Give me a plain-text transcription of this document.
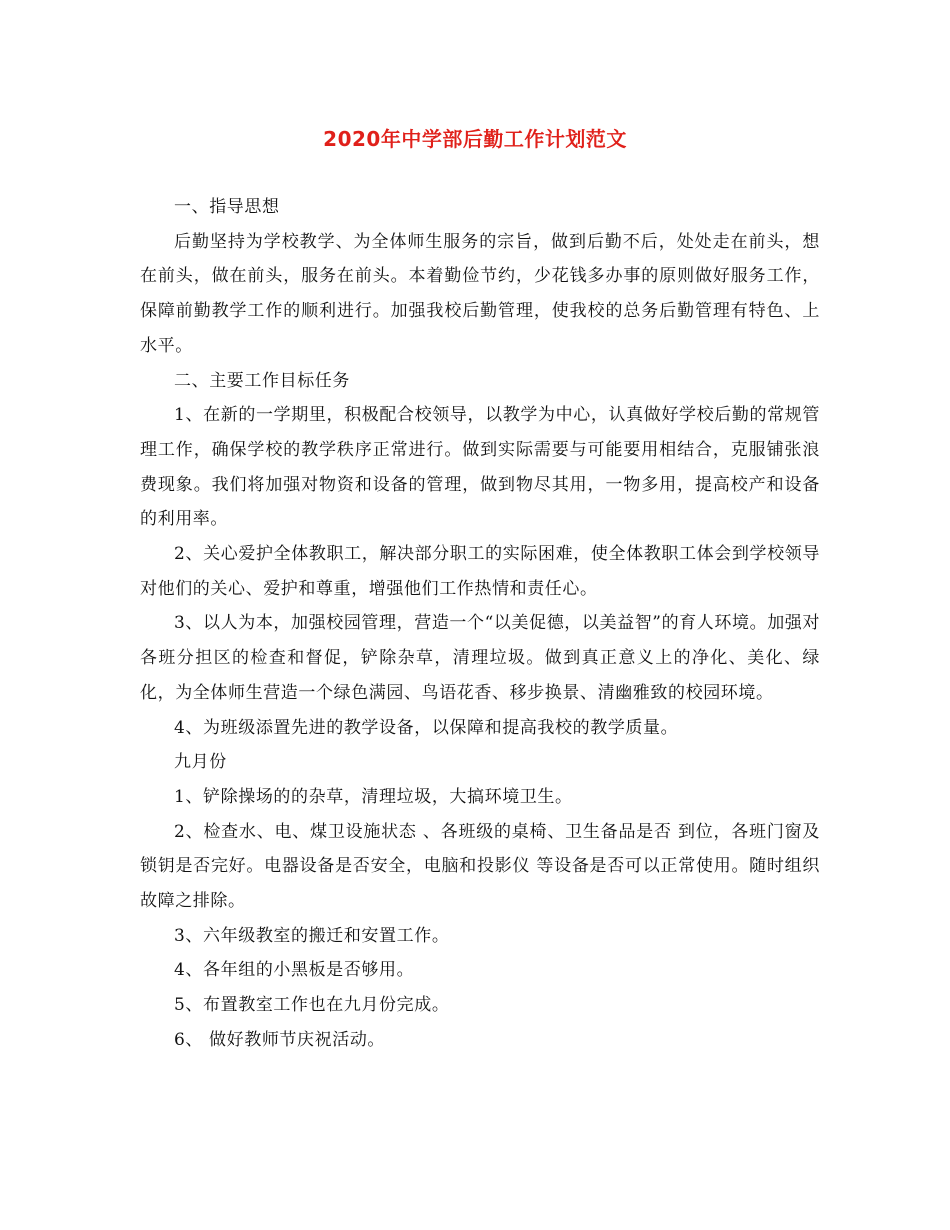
2020年中学部后勤工作计划范文

一、指导思想

后勤坚持为学校教学、为全体师生服务的宗旨，做到后勤不后，处处走在前头，想在前头，做在前头，服务在前头。本着勤俭节约，少花钱多办事的原则做好服务工作，保障前勤教学工作的顺利进行。加强我校后勤管理，使我校的总务后勤管理有特色、上水平。

二、主要工作目标任务

1、在新的一学期里，积极配合校领导，以教学为中心，认真做好学校后勤的常规管理工作，确保学校的教学秩序正常进行。做到实际需要与可能要用相结合，克服铺张浪费现象。我们将加强对物资和设备的管理，做到物尽其用，一物多用，提高校产和设备的利用率。

2、关心爱护全体教职工，解决部分职工的实际困难，使全体教职工体会到学校领导对他们的关心、爱护和尊重，增强他们工作热情和责任心。

3、以人为本，加强校园管理，营造一个“以美促德，以美益智”的育人环境。加强对各班分担区的检查和督促，铲除杂草，清理垃圾。做到真正意义上的净化、美化、绿化，为全体师生营造一个绿色满园、鸟语花香、移步换景、清幽雅致的校园环境。

4、为班级添置先进的教学设备，以保障和提高我校的教学质量。

九月份

1、铲除操场的的杂草，清理垃圾，大搞环境卫生。

2、检查水、电、煤卫设施状态 、各班级的桌椅、卫生备品是否 到位，各班门窗及锁钥是否完好。电器设备是否安全，电脑和投影仪 等设备是否可以正常使用。随时组织故障之排除。

3、六年级教室的搬迁和安置工作。

4、各年组的小黑板是否够用。

5、布置教室工作也在九月份完成。

6、 做好教师节庆祝活动。
